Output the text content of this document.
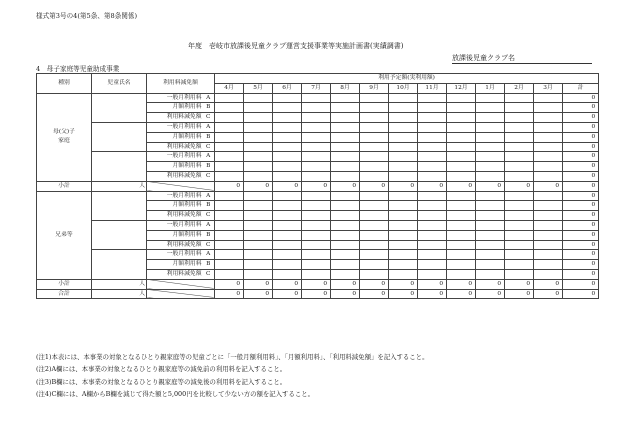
様式第3号の4(第5条、第8条関係)
年度　壱岐市放課後児童クラブ運営支援事業等実施計画書(実績調書)
放課後児童クラブ名
4　母子家庭等児童助成事業
種別	児童氏名	利用料減免額		利用予定額(実利用額)												
				4月	5月	6月	7月	8月	9月	10月	11月	12月	1月	2月	3月	計
母(父)子
家庭		一般月利用料	A													0
		月額利用料	B													0
		利用料減免額	C													0
		一般月利用料	A													0
		月額利用料	B													0
		利用料減免額	C													0
		一般月利用料	A													0
		月額利用料	B													0
		利用料減免額	C													0
小計	人			0	0	0	0	0	0	0	0	0	0	0	0	0
兄弟等		一般月利用料	A													0
		月額利用料	B													0
		利用料減免額	C													0
		一般月利用料	A													0
		月額利用料	B													0
		利用料減免額	C													0
		一般月利用料	A													0
		月額利用料	B													0
		利用料減免額	C													0
小計	人			0	0	0	0	0	0	0	0	0	0	0	0	0
合計	人			0	0	0	0	0	0	0	0	0	0	0	0	0
(注1)本表には、本事業の対象となるひとり親家庭等の児童ごとに「一般月額利用料」、「月額利用料」、「利用料減免額」を記入すること。
(注2)A欄には、本事業の対象となるひとり親家庭等の減免前の利用料を記入すること。
(注3)B欄には、本事業の対象となるひとり親家庭等の減免後の利用料を記入すること。
(注4)C欄には、A欄からB欄を減じて得た額と5,000円を比較して少ない方の額を記入すること。
